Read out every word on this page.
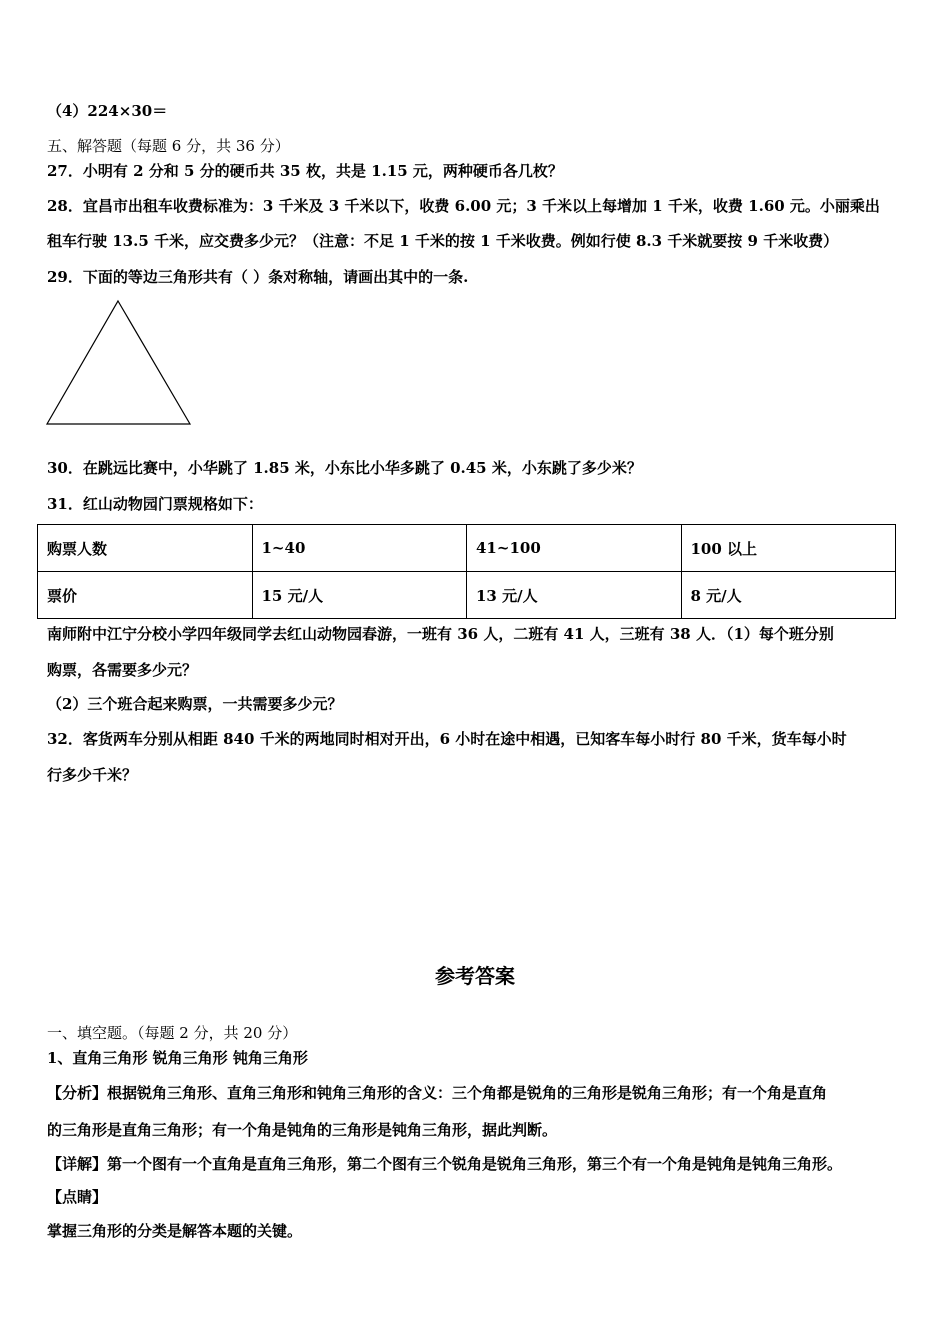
（4）224×30＝
五、解答题（每题 6 分，共 36 分）
27．小明有 2 分和 5 分的硬币共 35 枚，共是 1.15 元，两种硬币各几枚？
28．宜昌市出租车收费标准为：3 千米及 3 千米以下，收费 6.00 元；3 千米以上每增加 1 千米，收费 1.60 元。小丽乘出
租车行驶 13.5 千米，应交费多少元？（注意：不足 1 千米的按 1 千米收费。例如行使 8.3 千米就要按 9 千米收费）
29．下面的等边三角形共有（ ）条对称轴，请画出其中的一条.
30．在跳远比赛中，小华跳了 1.85 米，小东比小华多跳了 0.45 米，小东跳了多少米？
31．红山动物园门票规格如下：
购票人数	1~40	41~100	100 以上
票价	15 元/人	13 元/人	8 元/人
南师附中江宁分校小学四年级同学去红山动物园春游，一班有 36 人，二班有 41 人，三班有 38 人．（1）每个班分别
购票，各需要多少元？
（2）三个班合起来购票，一共需要多少元？
32．客货两车分别从相距 840 千米的两地同时相对开出，6 小时在途中相遇，已知客车每小时行 80 千米，货车每小时
行多少千米？
参考答案
一、填空题。（每题 2 分，共 20 分）
1、直角三角形 锐角三角形 钝角三角形
【分析】根据锐角三角形、直角三角形和钝角三角形的含义：三个角都是锐角的三角形是锐角三角形；有一个角是直角
的三角形是直角三角形；有一个角是钝角的三角形是钝角三角形，据此判断。
【详解】第一个图有一个直角是直角三角形，第二个图有三个锐角是锐角三角形，第三个有一个角是钝角是钝角三角形。
【点睛】
掌握三角形的分类是解答本题的关键。
